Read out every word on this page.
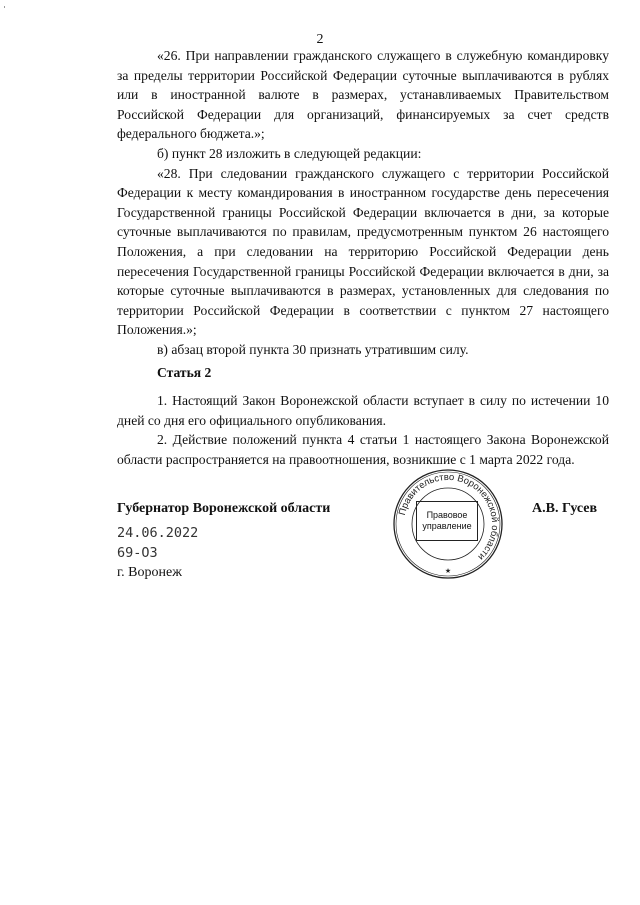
2

«26. При направлении гражданского служащего в служебную командировку за пределы территории Российской Федерации суточные выплачиваются в рублях или в иностранной валюте в размерах, устанавливаемых Правительством Российской Федерации для организаций, финансируемых за счет средств федерального бюджета.»;

б) пункт 28 изложить в следующей редакции:

«28. При следовании гражданского служащего с территории Российской Федерации к месту командирования в иностранном государстве день пересечения Государственной границы Российской Федерации включается в дни, за которые суточные выплачиваются по правилам, предусмотренным пунктом 26 настоящего Положения, а при следовании на территорию Российской Федерации день пересечения Государственной границы Российской Федерации включается в дни, за которые суточные выплачиваются в размерах, установленных для следования по территории Российской Федерации в соответствии с пунктом 27 настоящего Положения.»;

в) абзац второй пункта 30 признать утратившим силу.

Статья 2

1. Настоящий Закон Воронежской области вступает в силу по истечении 10 дней со дня его официального опубликования.

2. Действие положений пункта 4 статьи 1 настоящего Закона Воронежской области распространяется на правоотношения, возникшие с 1 марта 2022 года.

Губернатор Воронежской области
24.06.2022
69-ОЗ
г. Воронеж
Правительство Воронежской области
★
Правовое
управление
А.В. Гусев
